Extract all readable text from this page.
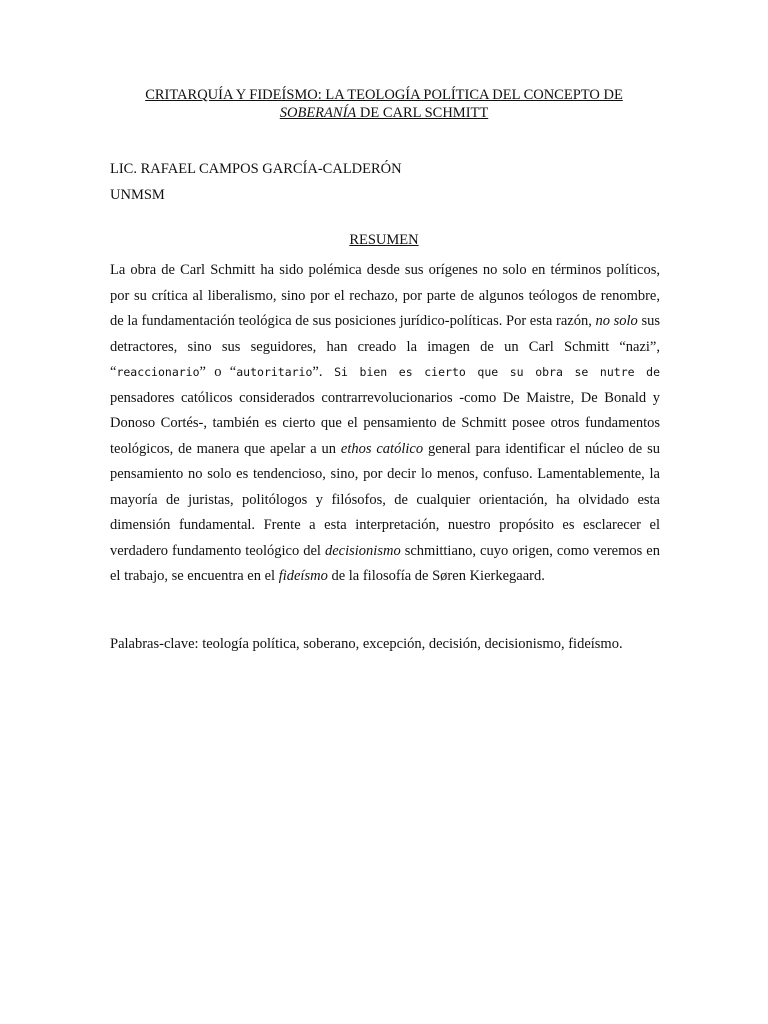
CRITARQUÍA Y FIDEÍSMO: LA TEOLOGÍA POLÍTICA DEL CONCEPTO DE
SOBERANÍA DE CARL SCHMITT
LIC. RAFAEL CAMPOS GARCÍA-CALDERÓN
UNMSM
RESUMEN
La obra de Carl Schmitt ha sido polémica desde sus orígenes no solo en términos políticos, por su crítica al liberalismo, sino por el rechazo, por parte de algunos teólogos de renombre, de la fundamentación teológica de sus posiciones jurídico-políticas. Por esta razón, no solo sus detractores, sino sus seguidores, han creado la imagen de un Carl Schmitt “nazi”, “reaccionario” o “autoritario”. Si bien es cierto que su obra se nutre de pensadores católicos considerados contrarrevolucionarios -como De Maistre, De Bonald y Donoso Cortés-, también es cierto que el pensamiento de Schmitt posee otros fundamentos teológicos, de manera que apelar a un ethos católico general para identificar el núcleo de su pensamiento no solo es tendencioso, sino, por decir lo menos, confuso. Lamentablemente, la mayoría de juristas, politólogos y filósofos, de cualquier orientación, ha olvidado esta dimensión fundamental. Frente a esta interpretación, nuestro propósito es esclarecer el verdadero fundamento teológico del decisionismo schmittiano, cuyo origen, como veremos en el trabajo, se encuentra en el fideísmo de la filosofía de Søren Kierkegaard.
Palabras-clave: teología política, soberano, excepción, decisión, decisionismo, fideísmo.
